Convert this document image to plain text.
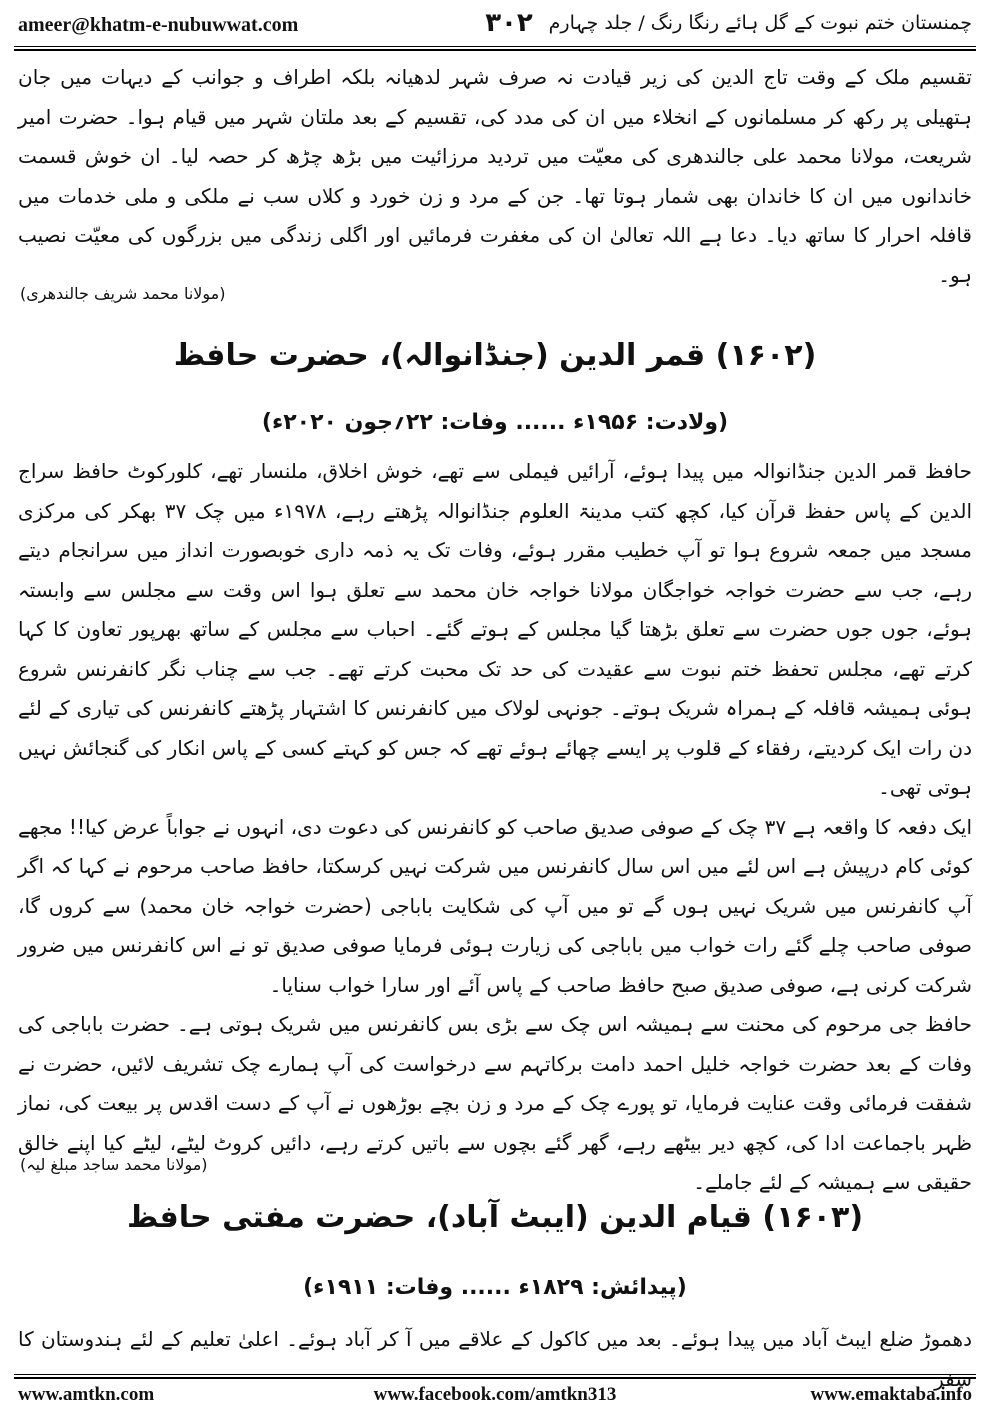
ameer@khatm-e-nubuwwat.com	۳۰۲ چمنستان ختم نبوت کے گل ہائے رنگا رنگ / جلد چہارم

تقسیم ملک کے وقت تاج الدین کی زیر قیادت نہ صرف شہر لدھیانہ بلکہ اطراف و جوانب کے دیہات میں جان ہتھیلی پر رکھ کر مسلمانوں کے انخلاء میں ان کی مدد کی، تقسیم کے بعد ملتان شہر میں قیام ہوا۔ حضرت امیر شریعت، مولانا محمد علی جالندھری کی معیّت میں تردید مرزائیت میں بڑھ چڑھ کر حصہ لیا۔ ان خوش قسمت خاندانوں میں ان کا خاندان بھی شمار ہوتا تھا۔ جن کے مرد و زن خورد و کلاں سب نے ملکی و ملی خدمات میں قافلہ احرار کا ساتھ دیا۔ دعا ہے اللہ تعالیٰ ان کی مغفرت فرمائیں اور اگلی زندگی میں بزرگوں کی معیّت نصیب ہو۔

(مولانا محمد شریف جالندھری)
(۱۶۰۲) قمر الدین (جنڈانوالہ)، حضرت حافظ
(ولادت: ۱۹۵۶ء ...... وفات: ۲۲؍جون ۲۰۲۰ء)

حافظ قمر الدین جنڈانوالہ میں پیدا ہوئے، آرائیں فیملی سے تھے، خوش اخلاق، ملنسار تھے، کلورکوٹ حافظ سراج الدین کے پاس حفظ قرآن کیا، کچھ کتب مدینۃ العلوم جنڈانوالہ پڑھتے رہے، ۱۹۷۸ء میں چک ۳۷ بھکر کی مرکزی مسجد میں جمعہ شروع ہوا تو آپ خطیب مقرر ہوئے، وفات تک یہ ذمہ داری خوبصورت انداز میں سرانجام دیتے رہے، جب سے حضرت خواجہ خواجگان مولانا خواجہ خان محمد سے تعلق ہوا اس وقت سے مجلس سے وابستہ ہوئے، جوں جوں حضرت سے تعلق بڑھتا گیا مجلس کے ہوتے گئے۔ احباب سے مجلس کے ساتھ بھرپور تعاون کا کہا کرتے تھے، مجلس تحفظ ختم نبوت سے عقیدت کی حد تک محبت کرتے تھے۔ جب سے چناب نگر کانفرنس شروع ہوئی ہمیشہ قافلہ کے ہمراہ شریک ہوتے۔ جونہی لولاک میں کانفرنس کا اشتہار پڑھتے کانفرنس کی تیاری کے لئے دن رات ایک کردیتے، رفقاء کے قلوب پر ایسے چھائے ہوئے تھے کہ جس کو کہتے کسی کے پاس انکار کی گنجائش نہیں ہوتی تھی۔

ایک دفعہ کا واقعہ ہے ۳۷ چک کے صوفی صدیق صاحب کو کانفرنس کی دعوت دی، انہوں نے جواباً عرض کیا!! مجھے کوئی کام درپیش ہے اس لئے میں اس سال کانفرنس میں شرکت نہیں کرسکتا، حافظ صاحب مرحوم نے کہا کہ اگر آپ کانفرنس میں شریک نہیں ہوں گے تو میں آپ کی شکایت باباجی (حضرت خواجہ خان محمد) سے کروں گا، صوفی صاحب چلے گئے رات خواب میں باباجی کی زیارت ہوئی فرمایا صوفی صدیق تو نے اس کانفرنس میں ضرور شرکت کرنی ہے، صوفی صدیق صبح حافظ صاحب کے پاس آئے اور سارا خواب سنایا۔

حافظ جی مرحوم کی محنت سے ہمیشہ اس چک سے بڑی بس کانفرنس میں شریک ہوتی ہے۔ حضرت باباجی کی وفات کے بعد حضرت خواجہ خلیل احمد دامت برکاتہم سے درخواست کی آپ ہمارے چک تشریف لائیں، حضرت نے شفقت فرمائی وقت عنایت فرمایا، تو پورے چک کے مرد و زن بچے بوڑھوں نے آپ کے دست اقدس پر بیعت کی، نماز ظہر باجماعت ادا کی، کچھ دیر بیٹھے رہے، گھر گئے بچوں سے باتیں کرتے رہے، دائیں کروٹ لیٹے، لیٹے کیا اپنے خالق حقیقی سے ہمیشہ کے لئے جاملے۔

(مولانا محمد ساجد مبلغ لیہ)
(۱۶۰۳) قیام الدین (ایبٹ آباد)، حضرت مفتی حافظ
(پیدائش: ۱۸۲۹ء ...... وفات: ۱۹۱۱ء)

دھموڑ ضلع ایبٹ آباد میں پیدا ہوئے۔ بعد میں کاکول کے علاقے میں آ کر آباد ہوئے۔ اعلیٰ تعلیم کے لئے ہندوستان کا سفر

www.amtkn.com	www.facebook.com/amtkn313	www.emaktaba.info
